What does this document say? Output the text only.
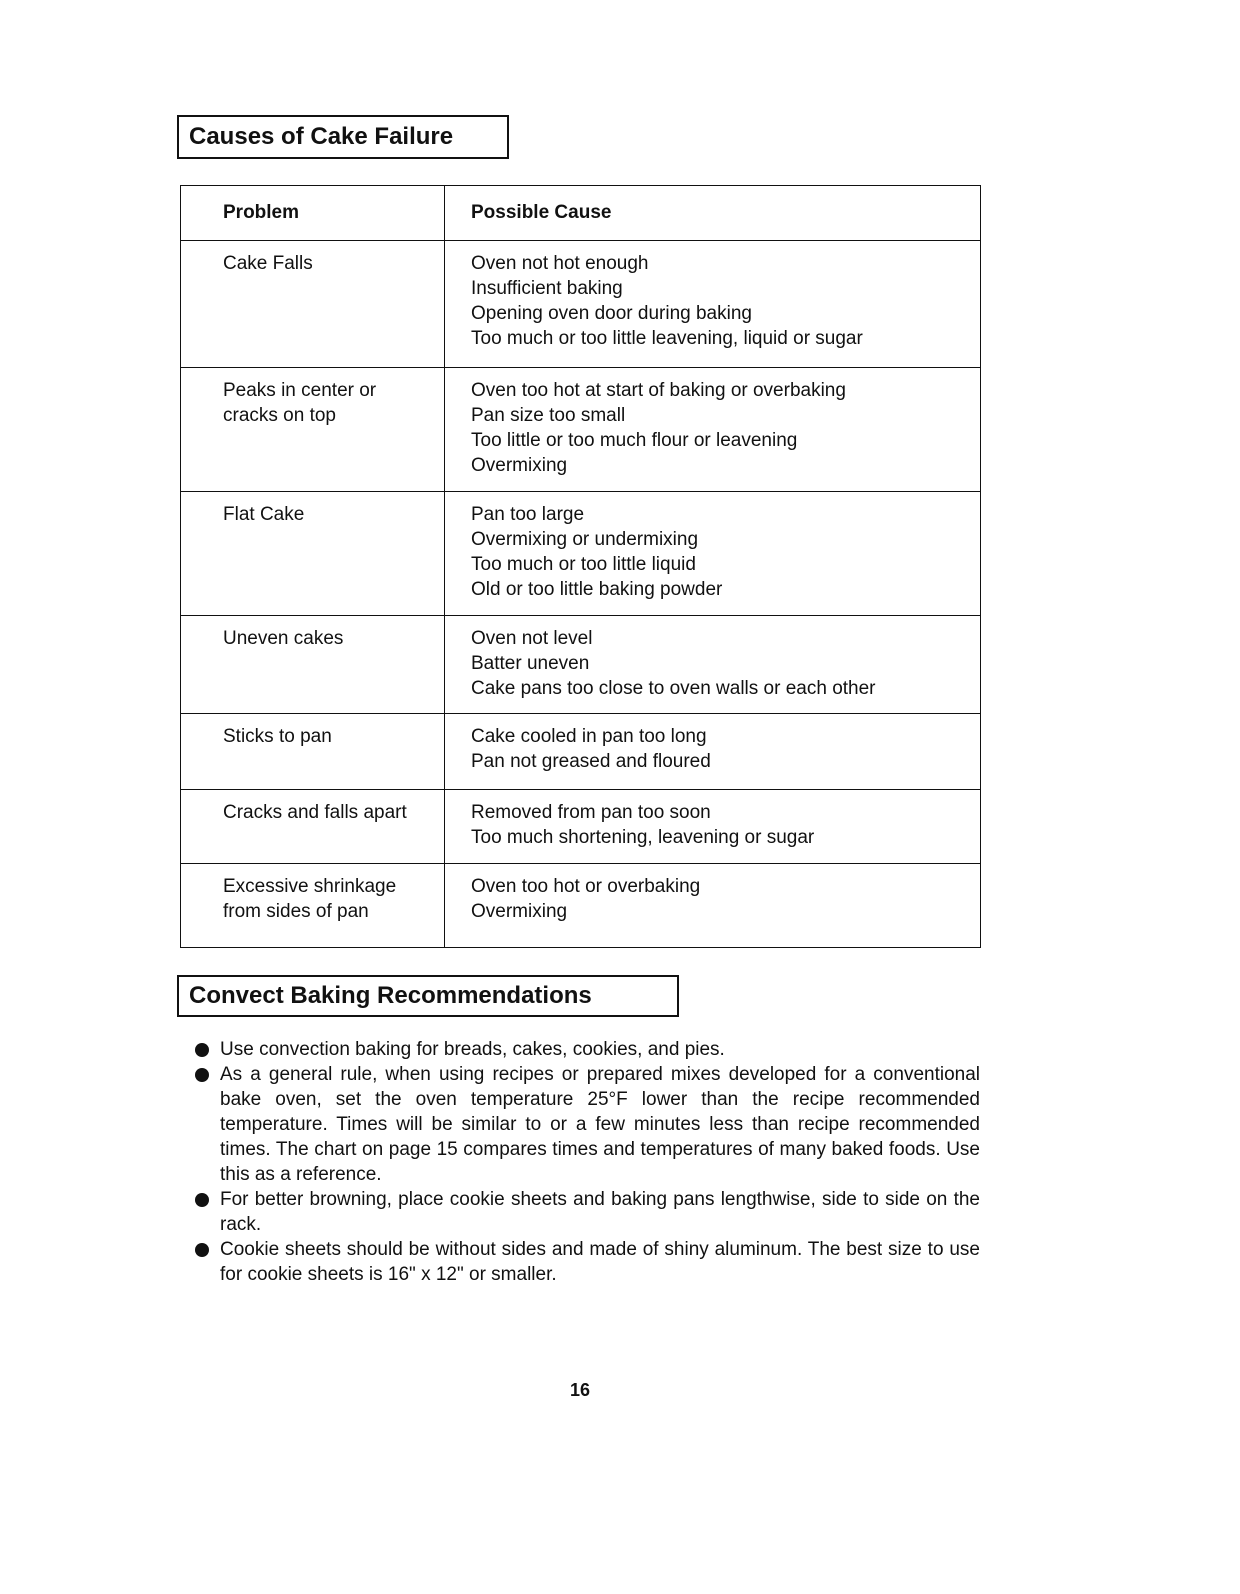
Causes of Cake Failure
Problem	Possible Cause

Cake Falls	Oven not hot enough
Insufficient baking
Opening oven door during baking
Too much or too little leavening, liquid or sugar

Peaks in center or
cracks on top	Oven too hot at start of baking or overbaking
Pan size too small
Too little or too much flour or leavening
Overmixing

Flat Cake	Pan too large
Overmixing or undermixing
Too much or too little liquid
Old or too little baking powder

Uneven cakes	Oven not level
Batter uneven
Cake pans too close to oven walls or each other

Sticks to pan	Cake cooled in pan too long
Pan not greased and floured

Cracks and falls apart	Removed from pan too soon
Too much shortening, leavening or sugar

Excessive shrinkage
from sides of pan	Oven too hot or overbaking
Overmixing
Convect Baking Recommendations
Use convection baking for breads, cakes, cookies, and pies.
As a general rule, when using recipes or prepared mixes developed for a conventional bake oven, set the oven temperature 25°F lower than the recipe recommended temperature. Times will be similar to or a few minutes less than recipe recommended times. The chart on page 15 compares times and temperatures of many baked foods. Use this as a reference.
For better browning, place cookie sheets and baking pans lengthwise, side to side on the rack.
Cookie sheets should be without sides and made of shiny aluminum. The best size to use for cookie sheets is 16" x 12" or smaller.
16
